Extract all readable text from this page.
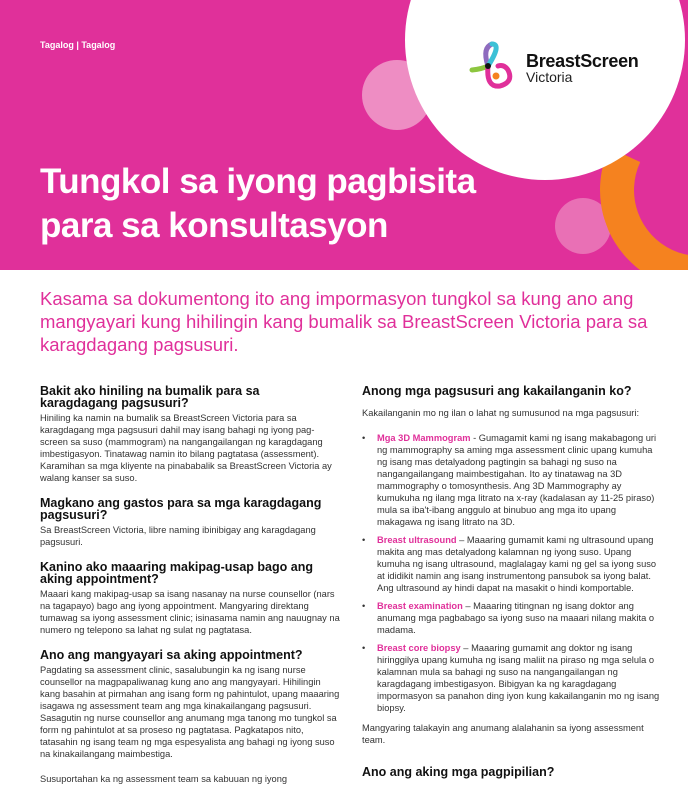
Tagalog | Tagalog
BreastScreen
Victoria
Tungkol sa iyong pagbisita
para sa konsultasyon
Kasama sa dokumentong ito ang impormasyon tungkol sa kung ano ang mangyayari kung hihilingin kang bumalik sa BreastScreen Victoria para sa karagdagang pagsusuri.
Bakit ako hiniling na bumalik para sa karagdagang pagsusuri?

Hiniling ka namin na bumalik sa BreastScreen Victoria para sa karagdagang mga pagsusuri dahil may isang bahagi ng iyong pag-screen sa suso (mammogram) na nangangailangan ng karagdagang imbestigasyon. Tinatawag namin ito bilang pagtatasa (assessment). Karamihan sa mga kliyente na pinababalik sa BreastScreen Victoria ay walang kanser sa suso.

Magkano ang gastos para sa mga karagdagang pagsusuri?

Sa BreastScreen Victoria, libre naming ibinibigay ang karagdagang pagsusuri.

Kanino ako maaaring makipag-usap bago ang aking appointment?

Maaari kang makipag-usap sa isang nasanay na nurse counsellor (nars na tagapayo) bago ang iyong appointment. Mangyaring direktang tumawag sa iyong assessment clinic; isinasama namin ang nauugnay na numero ng telepono sa lahat ng sulat ng pagtatasa.

Ano ang mangyayari sa aking appointment?

Pagdating sa assessment clinic, sasalubungin ka ng isang nurse counsellor na magpapaliwanag kung ano ang mangyayari. Hihilingin kang basahin at pirmahan ang isang form ng pahintulot, upang maaaring isagawa ng assessment team ang mga kinakailangang pagsusuri. Sasagutin ng nurse counsellor ang anumang mga tanong mo tungkol sa form ng pahintulot at sa proseso ng pagtatasa. Pagkatapos nito, tatasahin ng isang team ng mga espesyalista ang bahagi ng iyong suso na kinakailangang maimbestiga.

Susuportahan ka ng assessment team sa kabuuan ng iyong

Anong mga pagsusuri ang kakailanganin ko?

Kakailanganin mo ng ilan o lahat ng sumusunod na mga pagsusuri:

• Mga 3D Mammogram - Gumagamit kami ng isang makabagong uri ng mammography sa aming mga assessment clinic upang kumuha ng isang mas detalyadong pagtingin sa bahagi ng suso na nangangailangang maimbestigahan. Ito ay tinatawag na 3D mammography o tomosynthesis. Ang 3D Mammography ay kumukuha ng ilang mga litrato na x-ray (kadalasan ay 11-25 piraso) mula sa iba't-ibang anggulo at binubuo ang mga ito upang makagawa ng isang litrato na 3D.
• Breast ultrasound – Maaaring gumamit kami ng ultrasound upang makita ang mas detalyadong kalamnan ng iyong suso. Upang kumuha ng isang ultrasound, maglalagay kami ng gel sa iyong suso at ididikit namin ang isang instrumentong pansubok sa iyong balat. Ang ultrasound ay hindi dapat na masakit o hindi komportable.
• Breast examination – Maaaring titingnan ng isang doktor ang anumang mga pagbabago sa iyong suso na maaari nilang makita o madama.
• Breast core biopsy – Maaaring gumamit ang doktor ng isang hiringgilya upang kumuha ng isang maliit na piraso ng mga selula o kalamnan mula sa bahagi ng suso na nangangailangan ng karagdagang imbestigasyon. Bibigyan ka ng karagdagang impormasyon sa panahon ding iyon kung kakailanganin mo ng isang biopsy.

Mangyaring talakayin ang anumang alalahanin sa iyong assessment team.

Ano ang aking mga pagpipilian?
